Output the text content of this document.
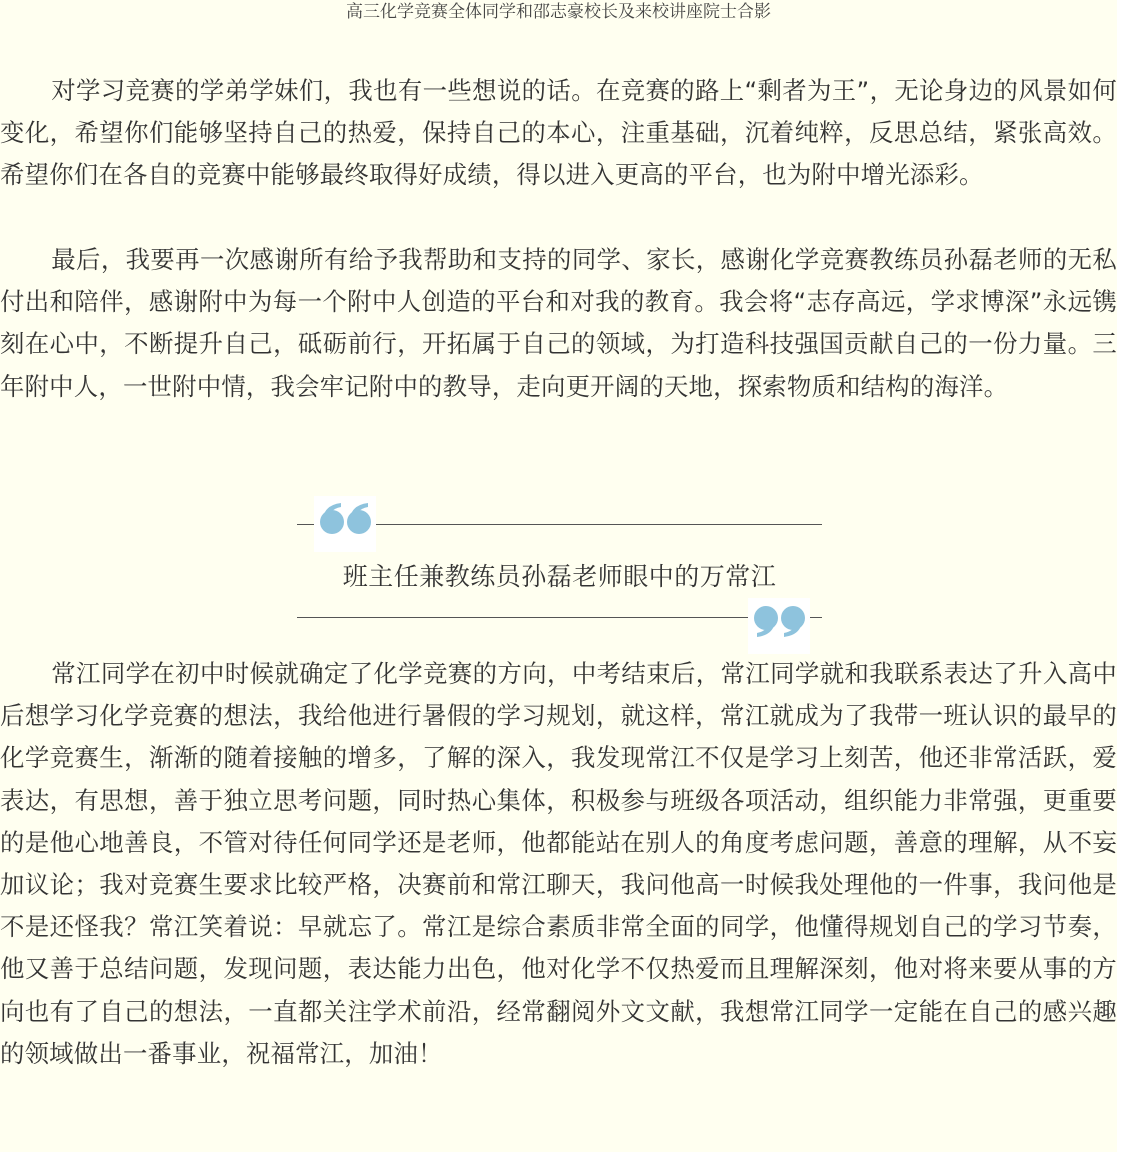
高三化学竞赛全体同学和邵志豪校长及来校讲座院士合影

对学习竞赛的学弟学妹们，我也有一些想说的话。在竞赛的路上“剩者为王”，无论身边的风景如何变化，希望你们能够坚持自己的热爱，保持自己的本心，注重基础，沉着纯粹，反思总结，紧张高效。希望你们在各自的竞赛中能够最终取得好成绩，得以进入更高的平台，也为附中增光添彩。

最后，我要再一次感谢所有给予我帮助和支持的同学、家长，感谢化学竞赛教练员孙磊老师的无私付出和陪伴，感谢附中为每一个附中人创造的平台和对我的教育。我会将“志存高远，学求博深”永远镌刻在心中，不断提升自己，砥砺前行，开拓属于自己的领域，为打造科技强国贡献自己的一份力量。三年附中人，一世附中情，我会牢记附中的教导，走向更开阔的天地，探索物质和结构的海洋。

班主任兼教练员孙磊老师眼中的万常江

常江同学在初中时候就确定了化学竞赛的方向，中考结束后，常江同学就和我联系表达了升入高中后想学习化学竞赛的想法，我给他进行暑假的学习规划，就这样，常江就成为了我带一班认识的最早的化学竞赛生，渐渐的随着接触的增多，了解的深入，我发现常江不仅是学习上刻苦，他还非常活跃，爱表达，有思想，善于独立思考问题，同时热心集体，积极参与班级各项活动，组织能力非常强，更重要的是他心地善良，不管对待任何同学还是老师，他都能站在别人的角度考虑问题，善意的理解，从不妄加议论；我对竞赛生要求比较严格，决赛前和常江聊天，我问他高一时候我处理他的一件事，我问他是不是还怪我？常江笑着说：早就忘了。常江是综合素质非常全面的同学，他懂得规划自己的学习节奏，他又善于总结问题，发现问题，表达能力出色，他对化学不仅热爱而且理解深刻，他对将来要从事的方向也有了自己的想法，一直都关注学术前沿，经常翻阅外文文献，我想常江同学一定能在自己的感兴趣的领域做出一番事业，祝福常江，加油！
